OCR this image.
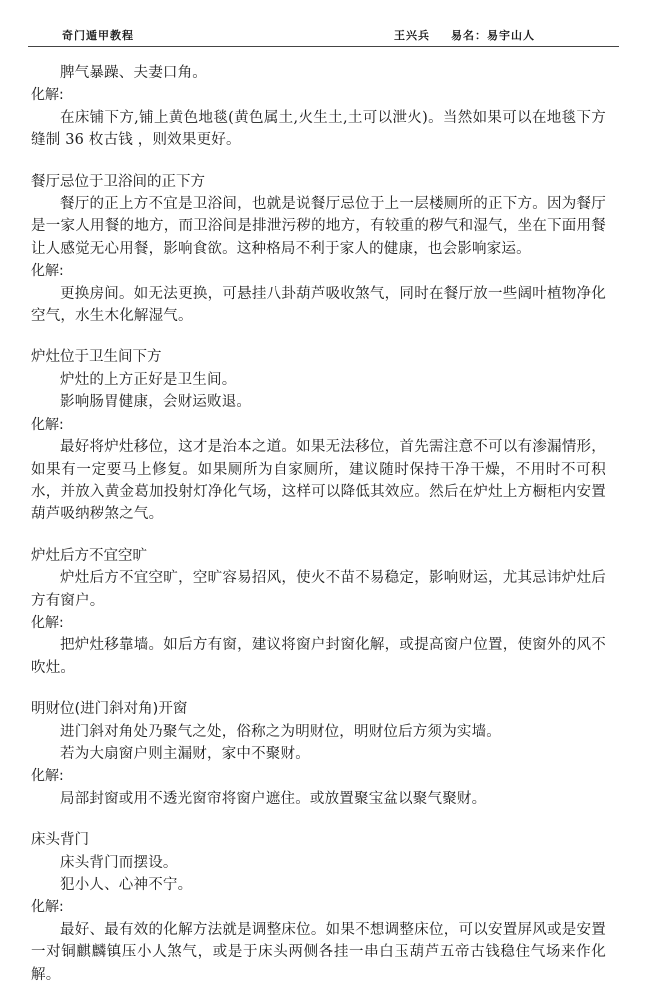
奇门遁甲教程	王兴兵 易名：易宇山人

脾气暴躁、夫妻口角。

化解:

在床铺下方,铺上黄色地毯(黄色属土,火生土,土可以泄火)。当然如果可以在地毯下方缝制 36 枚古钱 ，则效果更好。

餐厅忌位于卫浴间的正下方

餐厅的正上方不宜是卫浴间，也就是说餐厅忌位于上一层楼厕所的正下方。因为餐厅是一家人用餐的地方，而卫浴间是排泄污秽的地方，有较重的秽气和湿气，坐在下面用餐让人感觉无心用餐，影响食欲。这种格局不利于家人的健康，也会影响家运。

化解:

更换房间。如无法更换，可悬挂八卦葫芦吸收煞气，同时在餐厅放一些阔叶植物净化空气，水生木化解湿气。

炉灶位于卫生间下方

炉灶的上方正好是卫生间。

影响肠胃健康，会财运败退。

化解:

最好将炉灶移位，这才是治本之道。如果无法移位，首先需注意不可以有渗漏情形，如果有一定要马上修复。如果厕所为自家厕所，建议随时保持干净干燥，不用时不可积水，并放入黄金葛加投射灯净化气场，这样可以降低其效应。然后在炉灶上方橱柜内安置葫芦吸纳秽煞之气。

炉灶后方不宜空旷

炉灶后方不宜空旷，空旷容易招风，使火不苗不易稳定，影响财运，尤其忌讳炉灶后方有窗户。

化解:

把炉灶移靠墙。如后方有窗，建议将窗户封窗化解，或提高窗户位置，使窗外的风不吹灶。

明财位(进门斜对角)开窗

进门斜对角处乃聚气之处，俗称之为明财位，明财位后方须为实墙。

若为大扇窗户则主漏财，家中不聚财。

化解:

局部封窗或用不透光窗帘将窗户遮住。或放置聚宝盆以聚气聚财。

床头背门

床头背门而摆设。

犯小人、心神不宁。

化解:

最好、最有效的化解方法就是调整床位。如果不想调整床位，可以安置屏风或是安置一对铜麒麟镇压小人煞气，或是于床头两侧各挂一串白玉葫芦五帝古钱稳住气场来作化解。
